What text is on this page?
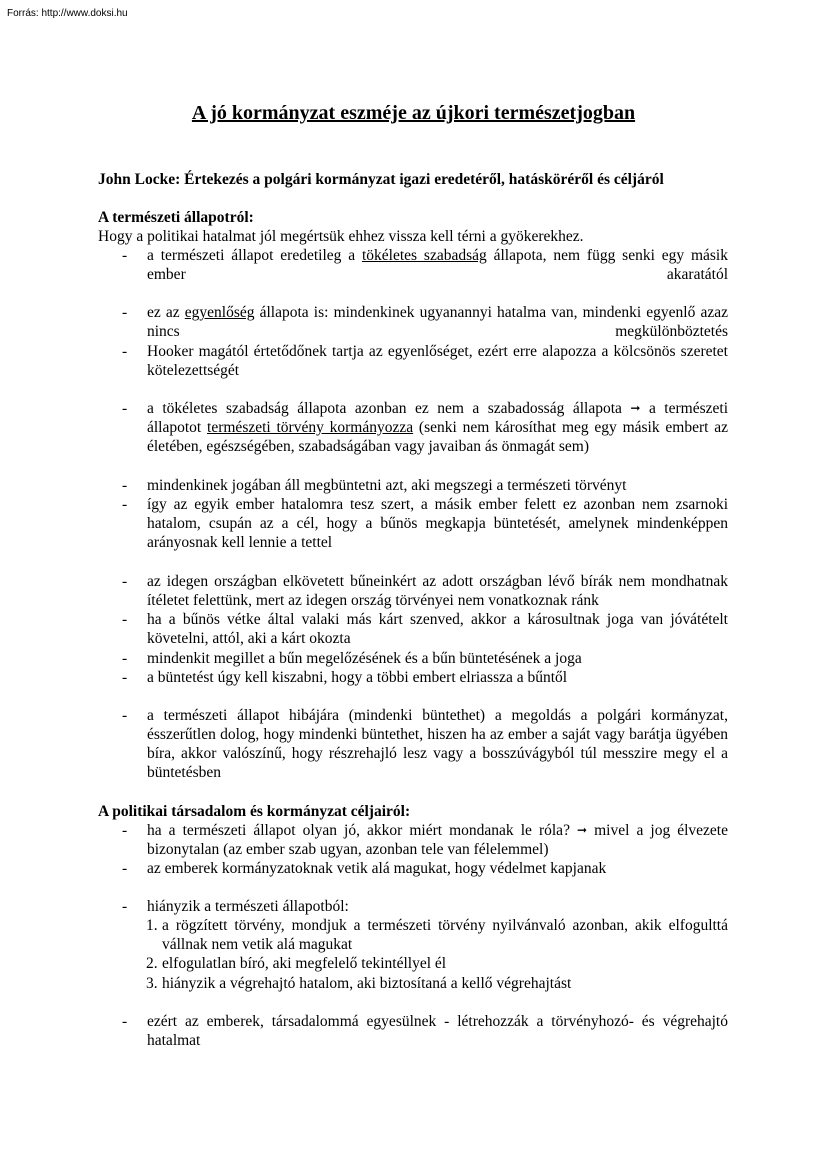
Forrás: http://www.doksi.hu
A jó kormányzat eszméje az újkori természetjogban
John Locke: Értekezés a polgári kormányzat igazi eredetéről, hatásköréről és céljáról
A természeti állapotról:
Hogy a politikai hatalmat jól megértsük ehhez vissza kell térni a gyökerekhez.
- a természeti állapot eredetileg a tökéletes szabadság állapota, nem függ senki egy másik ember akaratától
- ez az egyenlőség állapota is: mindenkinek ugyanannyi hatalma van, mindenki egyenlő azaz nincs megkülönböztetés
- Hooker magától értetődőnek tartja az egyenlőséget, ezért erre alapozza a kölcsönös szeretet kötelezettségét
- a tökéletes szabadság állapota azonban ez nem a szabadosság állapota ➞ a természeti állapotot természeti törvény kormányozza (senki nem károsíthat meg egy másik embert az életében, egészségében, szabadságában vagy javaiban ás önmagát sem)
- mindenkinek jogában áll megbüntetni azt, aki megszegi a természeti törvényt
- így az egyik ember hatalomra tesz szert, a másik ember felett ez azonban nem zsarnoki hatalom, csupán az a cél, hogy a bűnös megkapja büntetését, amelynek mindenképpen arányosnak kell lennie a tettel
- az idegen országban elkövetett bűneinkért az adott országban lévő bírák nem mondhatnak ítéletet felettünk, mert az idegen ország törvényei nem vonatkoznak ránk
- ha a bűnös vétke által valaki más kárt szenved, akkor a károsultnak joga van jóvátételt követelni, attól, aki a kárt okozta
- mindenkit megillet a bűn megelőzésének és a bűn büntetésének a joga
- a büntetést úgy kell kiszabni, hogy a többi embert elriassza a bűntől
- a természeti állapot hibájára (mindenki büntethet) a megoldás a polgári kormányzat, ésszerűtlen dolog, hogy mindenki büntethet, hiszen ha az ember a saját vagy barátja ügyében bíra, akkor valószínű, hogy részrehajló lesz vagy a bosszúvágyból túl messzire megy el a büntetésben
A politikai társadalom és kormányzat céljairól:
- ha a természeti állapot olyan jó, akkor miért mondanak le róla? ➞ mivel a jog élvezete bizonytalan (az ember szab ugyan, azonban tele van félelemmel)
- az emberek kormányzatoknak vetik alá magukat, hogy védelmet kapjanak
- hiányzik a természeti állapotból:
1. a rögzített törvény, mondjuk a természeti törvény nyilvánvaló azonban, akik elfogulttá vállnak nem vetik alá magukat
2. elfogulatlan bíró, aki megfelelő tekintéllyel él
3. hiányzik a végrehajtó hatalom, aki biztosítaná a kellő végrehajtást
- ezért az emberek, társadalommá egyesülnek - létrehozzák a törvényhozó- és végrehajtó hatalmat
